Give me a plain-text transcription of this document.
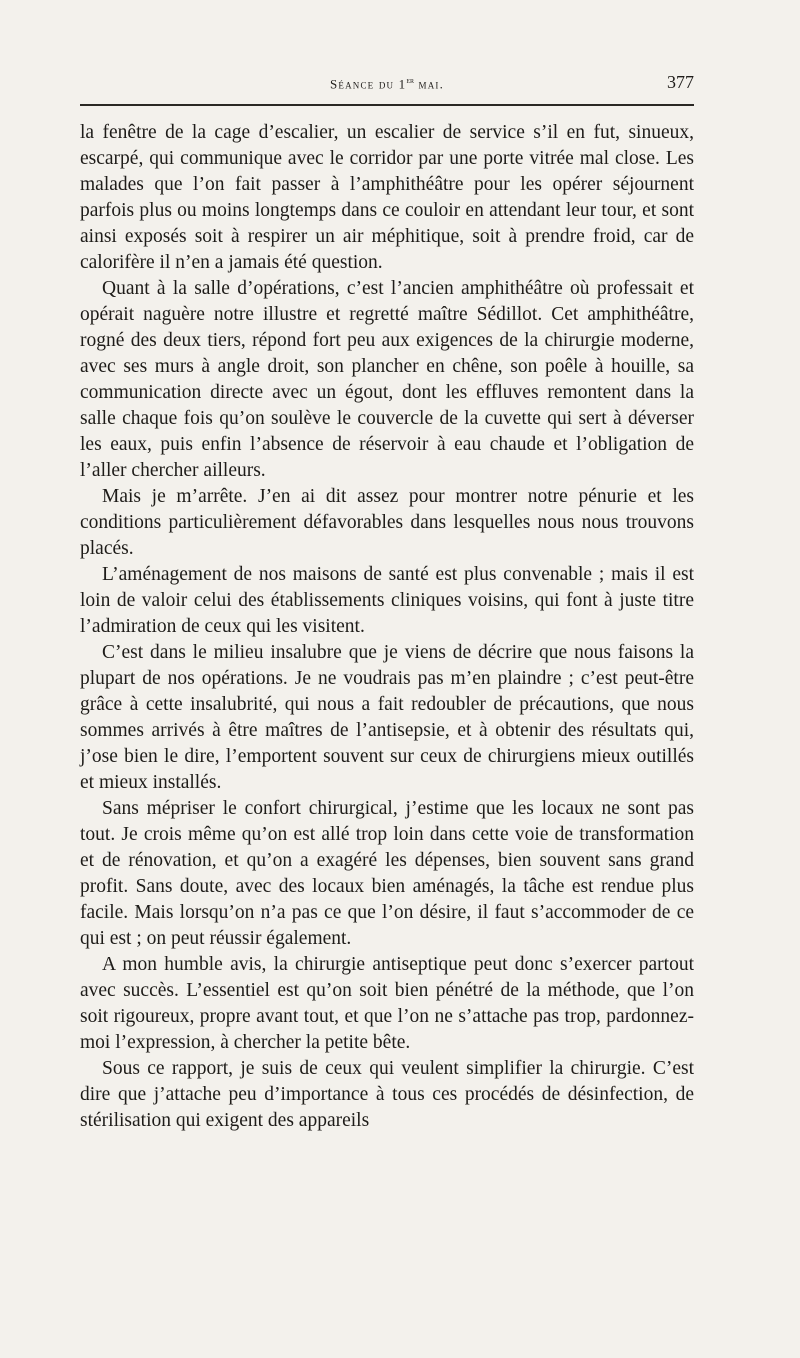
Séance du 1er mai.	377

la fenêtre de la cage d’escalier, un escalier de service s’il en fut, sinueux, escarpé, qui communique avec le corridor par une porte vitrée mal close. Les malades que l’on fait passer à l’amphithéâtre pour les opérer séjournent parfois plus ou moins longtemps dans ce couloir en attendant leur tour, et sont ainsi exposés soit à respirer un air méphitique, soit à prendre froid, car de calorifère il n’en a jamais été question.

Quant à la salle d’opérations, c’est l’ancien amphithéâtre où professait et opérait naguère notre illustre et regretté maître Sédillot. Cet amphithéâtre, rogné des deux tiers, répond fort peu aux exigences de la chirurgie moderne, avec ses murs à angle droit, son plancher en chêne, son poêle à houille, sa communication directe avec un égout, dont les effluves remontent dans la salle chaque fois qu’on soulève le couvercle de la cuvette qui sert à déverser les eaux, puis enfin l’absence de réservoir à eau chaude et l’obligation de l’aller chercher ailleurs.

Mais je m’arrête. J’en ai dit assez pour montrer notre pénurie et les conditions particulièrement défavorables dans lesquelles nous nous trouvons placés.

L’aménagement de nos maisons de santé est plus convenable ; mais il est loin de valoir celui des établissements cliniques voisins, qui font à juste titre l’admiration de ceux qui les visitent.

C’est dans le milieu insalubre que je viens de décrire que nous faisons la plupart de nos opérations. Je ne voudrais pas m’en plaindre ; c’est peut-être grâce à cette insalubrité, qui nous a fait redoubler de précautions, que nous sommes arrivés à être maîtres de l’antisepsie, et à obtenir des résultats qui, j’ose bien le dire, l’emportent souvent sur ceux de chirurgiens mieux outillés et mieux installés.

Sans mépriser le confort chirurgical, j’estime que les locaux ne sont pas tout. Je crois même qu’on est allé trop loin dans cette voie de transformation et de rénovation, et qu’on a exagéré les dépenses, bien souvent sans grand profit. Sans doute, avec des locaux bien aménagés, la tâche est rendue plus facile. Mais lorsqu’on n’a pas ce que l’on désire, il faut s’accommoder de ce qui est ; on peut réussir également.

A mon humble avis, la chirurgie antiseptique peut donc s’exercer partout avec succès. L’essentiel est qu’on soit bien pénétré de la méthode, que l’on soit rigoureux, propre avant tout, et que l’on ne s’attache pas trop, pardonnez-moi l’expression, à chercher la petite bête.

Sous ce rapport, je suis de ceux qui veulent simplifier la chirurgie. C’est dire que j’attache peu d’importance à tous ces procédés de désinfection, de stérilisation qui exigent des appareils
